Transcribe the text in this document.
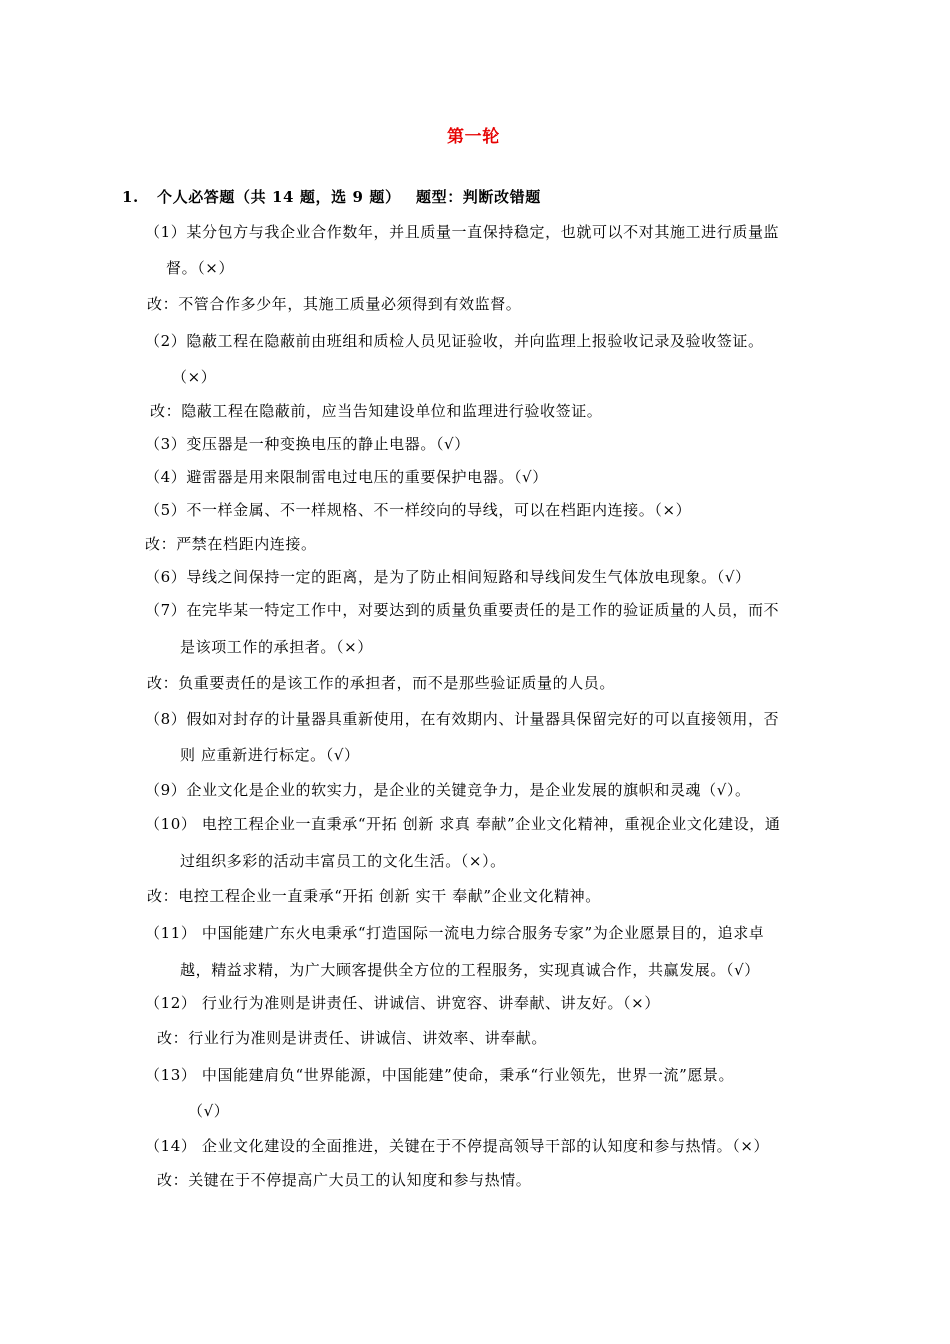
第一轮
1. 个人必答题（共 14 题，选 9 题） 题型：判断改错题
（1）某分包方与我企业合作数年，并且质量一直保持稳定，也就可以不对其施工进行质量监
督。（×）
改：不管合作多少年，其施工质量必须得到有效监督。
（2）隐蔽工程在隐蔽前由班组和质检人员见证验收，并向监理上报验收记录及验收签证。
（×）
改：隐蔽工程在隐蔽前，应当告知建设单位和监理进行验收签证。
（3）变压器是一种变换电压的静止电器。（√）
（4）避雷器是用来限制雷电过电压的重要保护电器。（√）
（5）不一样金属、不一样规格、不一样绞向的导线，可以在档距内连接。（×）
改：严禁在档距内连接。
（6）导线之间保持一定的距离，是为了防止相间短路和导线间发生气体放电现象。（√）
（7）在完毕某一特定工作中，对要达到的质量负重要责任的是工作的验证质量的人员，而不
是该项工作的承担者。（×）
改：负重要责任的是该工作的承担者，而不是那些验证质量的人员。
（8）假如对封存的计量器具重新使用，在有效期内、计量器具保留完好的可以直接领用，否
则 应重新进行标定。（√）
（9）企业文化是企业的软实力，是企业的关键竞争力，是企业发展的旗帜和灵魂（√）。
（10） 电控工程企业一直秉承“开拓 创新 求真 奉献”企业文化精神，重视企业文化建设，通
过组织多彩的活动丰富员工的文化生活。（×）。
改：电控工程企业一直秉承“开拓 创新 实干 奉献”企业文化精神。
（11） 中国能建广东火电秉承“打造国际一流电力综合服务专家”为企业愿景目的，追求卓
越，精益求精，为广大顾客提供全方位的工程服务，实现真诚合作，共赢发展。（√）
（12） 行业行为准则是讲责任、讲诚信、讲宽容、讲奉献、讲友好。（×）
改：行业行为准则是讲责任、讲诚信、讲效率、讲奉献。
（13） 中国能建肩负“世界能源，中国能建”使命，秉承“行业领先，世界一流”愿景。
（√）
（14） 企业文化建设的全面推进，关键在于不停提高领导干部的认知度和参与热情。（×）
改：关键在于不停提高广大员工的认知度和参与热情。
